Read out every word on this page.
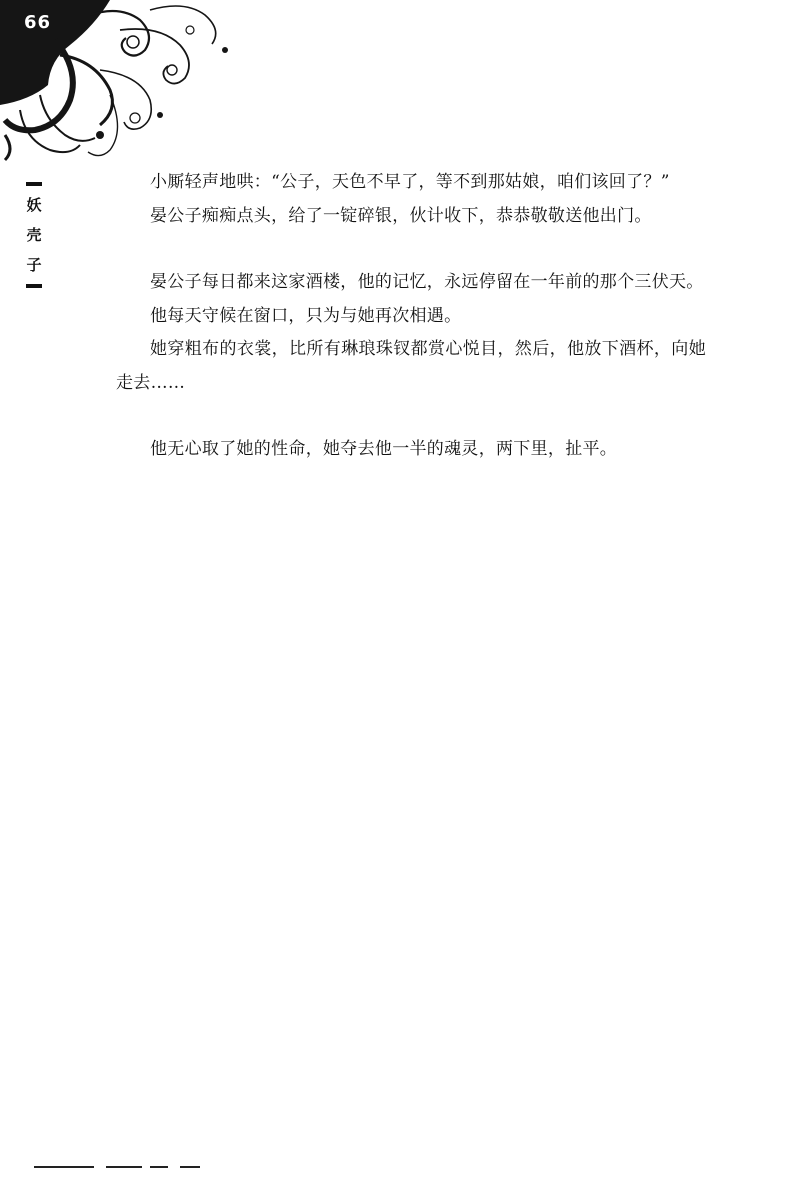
66
妖
壳
子

小厮轻声地哄：“公子，天色不早了，等不到那姑娘，咱们该回了？”

晏公子痴痴点头，给了一锭碎银，伙计收下，恭恭敬敬送他出门。

晏公子每日都来这家酒楼，他的记忆，永远停留在一年前的那个三伏天。

他每天守候在窗口，只为与她再次相遇。

她穿粗布的衣裳，比所有琳琅珠钗都赏心悦目，然后，他放下酒杯，向她走去……

他无心取了她的性命，她夺去他一半的魂灵，两下里，扯平。
